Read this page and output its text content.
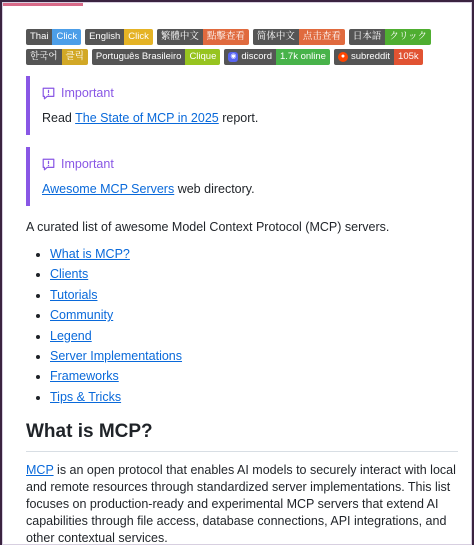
Thai Click	English Click	繁體中文 點擊查看	简体中文 点击查看	日本語 クリック
한국어 클릭	Português Brasileiro Clique	◉ discord 1.7k online	● subreddit 105k
Important
Read The State of MCP in 2025 report.
Important
Awesome MCP Servers web directory.
A curated list of awesome Model Context Protocol (MCP) servers.
• What is MCP?
• Clients
• Tutorials
• Community
• Legend
• Server Implementations
• Frameworks
• Tips & Tricks
What is MCP?
MCP is an open protocol that enables AI models to securely interact with local and remote resources through standardized server implementations. This list focuses on production-ready and experimental MCP servers that extend AI capabilities through file access, database connections, API integrations, and other contextual services.
